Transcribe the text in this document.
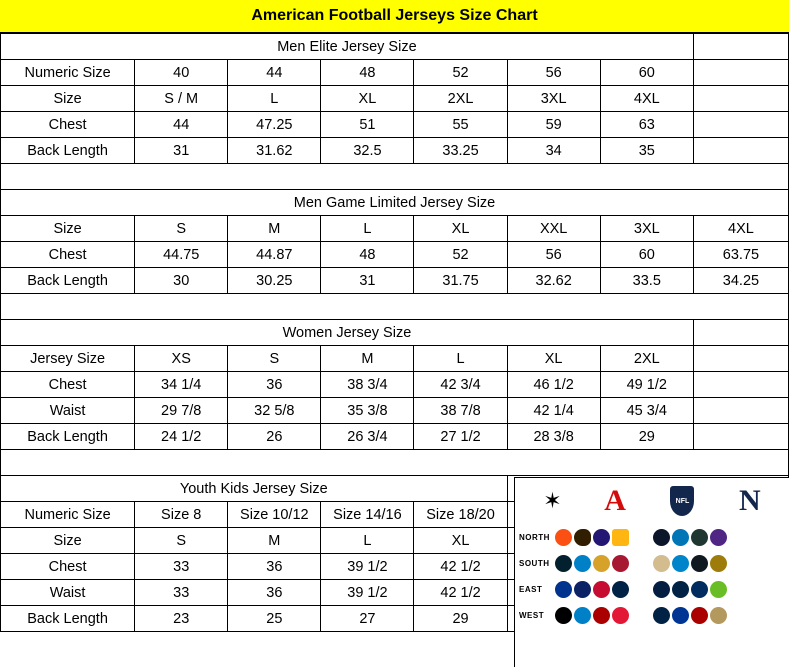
American Football Jerseys Size Chart
Men Elite Jersey Size							
Numeric Size	40	44	48	52	56	60	
Size	S / M	L	XL	2XL	3XL	4XL	
Chest	44	47.25	51	55	59	63	
Back Length	31	31.62	32.5	33.25	34	35	

Men Game Limited Jersey Size							
Size	S	M	L	XL	XXL	3XL	4XL
Chest	44.75	44.87	48	52	56	60	63.75
Back Length	30	30.25	31	31.75	32.62	33.5	34.25

Women Jersey Size							
Jersey Size	XS	S	M	L	XL	2XL	
Chest	34 1/4	36	38 3/4	42 3/4	46 1/2	49 1/2	
Waist	29 7/8	32 5/8	35 3/8	38 7/8	42 1/4	45 3/4	
Back Length	24 1/2	26	26 3/4	27 1/2	28 3/8	29	

Youth Kids Jersey Size							
Numeric Size	Size 8	Size 10/12	Size 14/16	Size 18/20			
Size	S	M	L	XL			
Chest	33	36	39 1/2	42 1/2			
Waist	33	36	39 1/2	42 1/2			
Back Length	23	25	27	29			
✶ A	NFL N
NORTH
SOUTH
EAST
WEST
